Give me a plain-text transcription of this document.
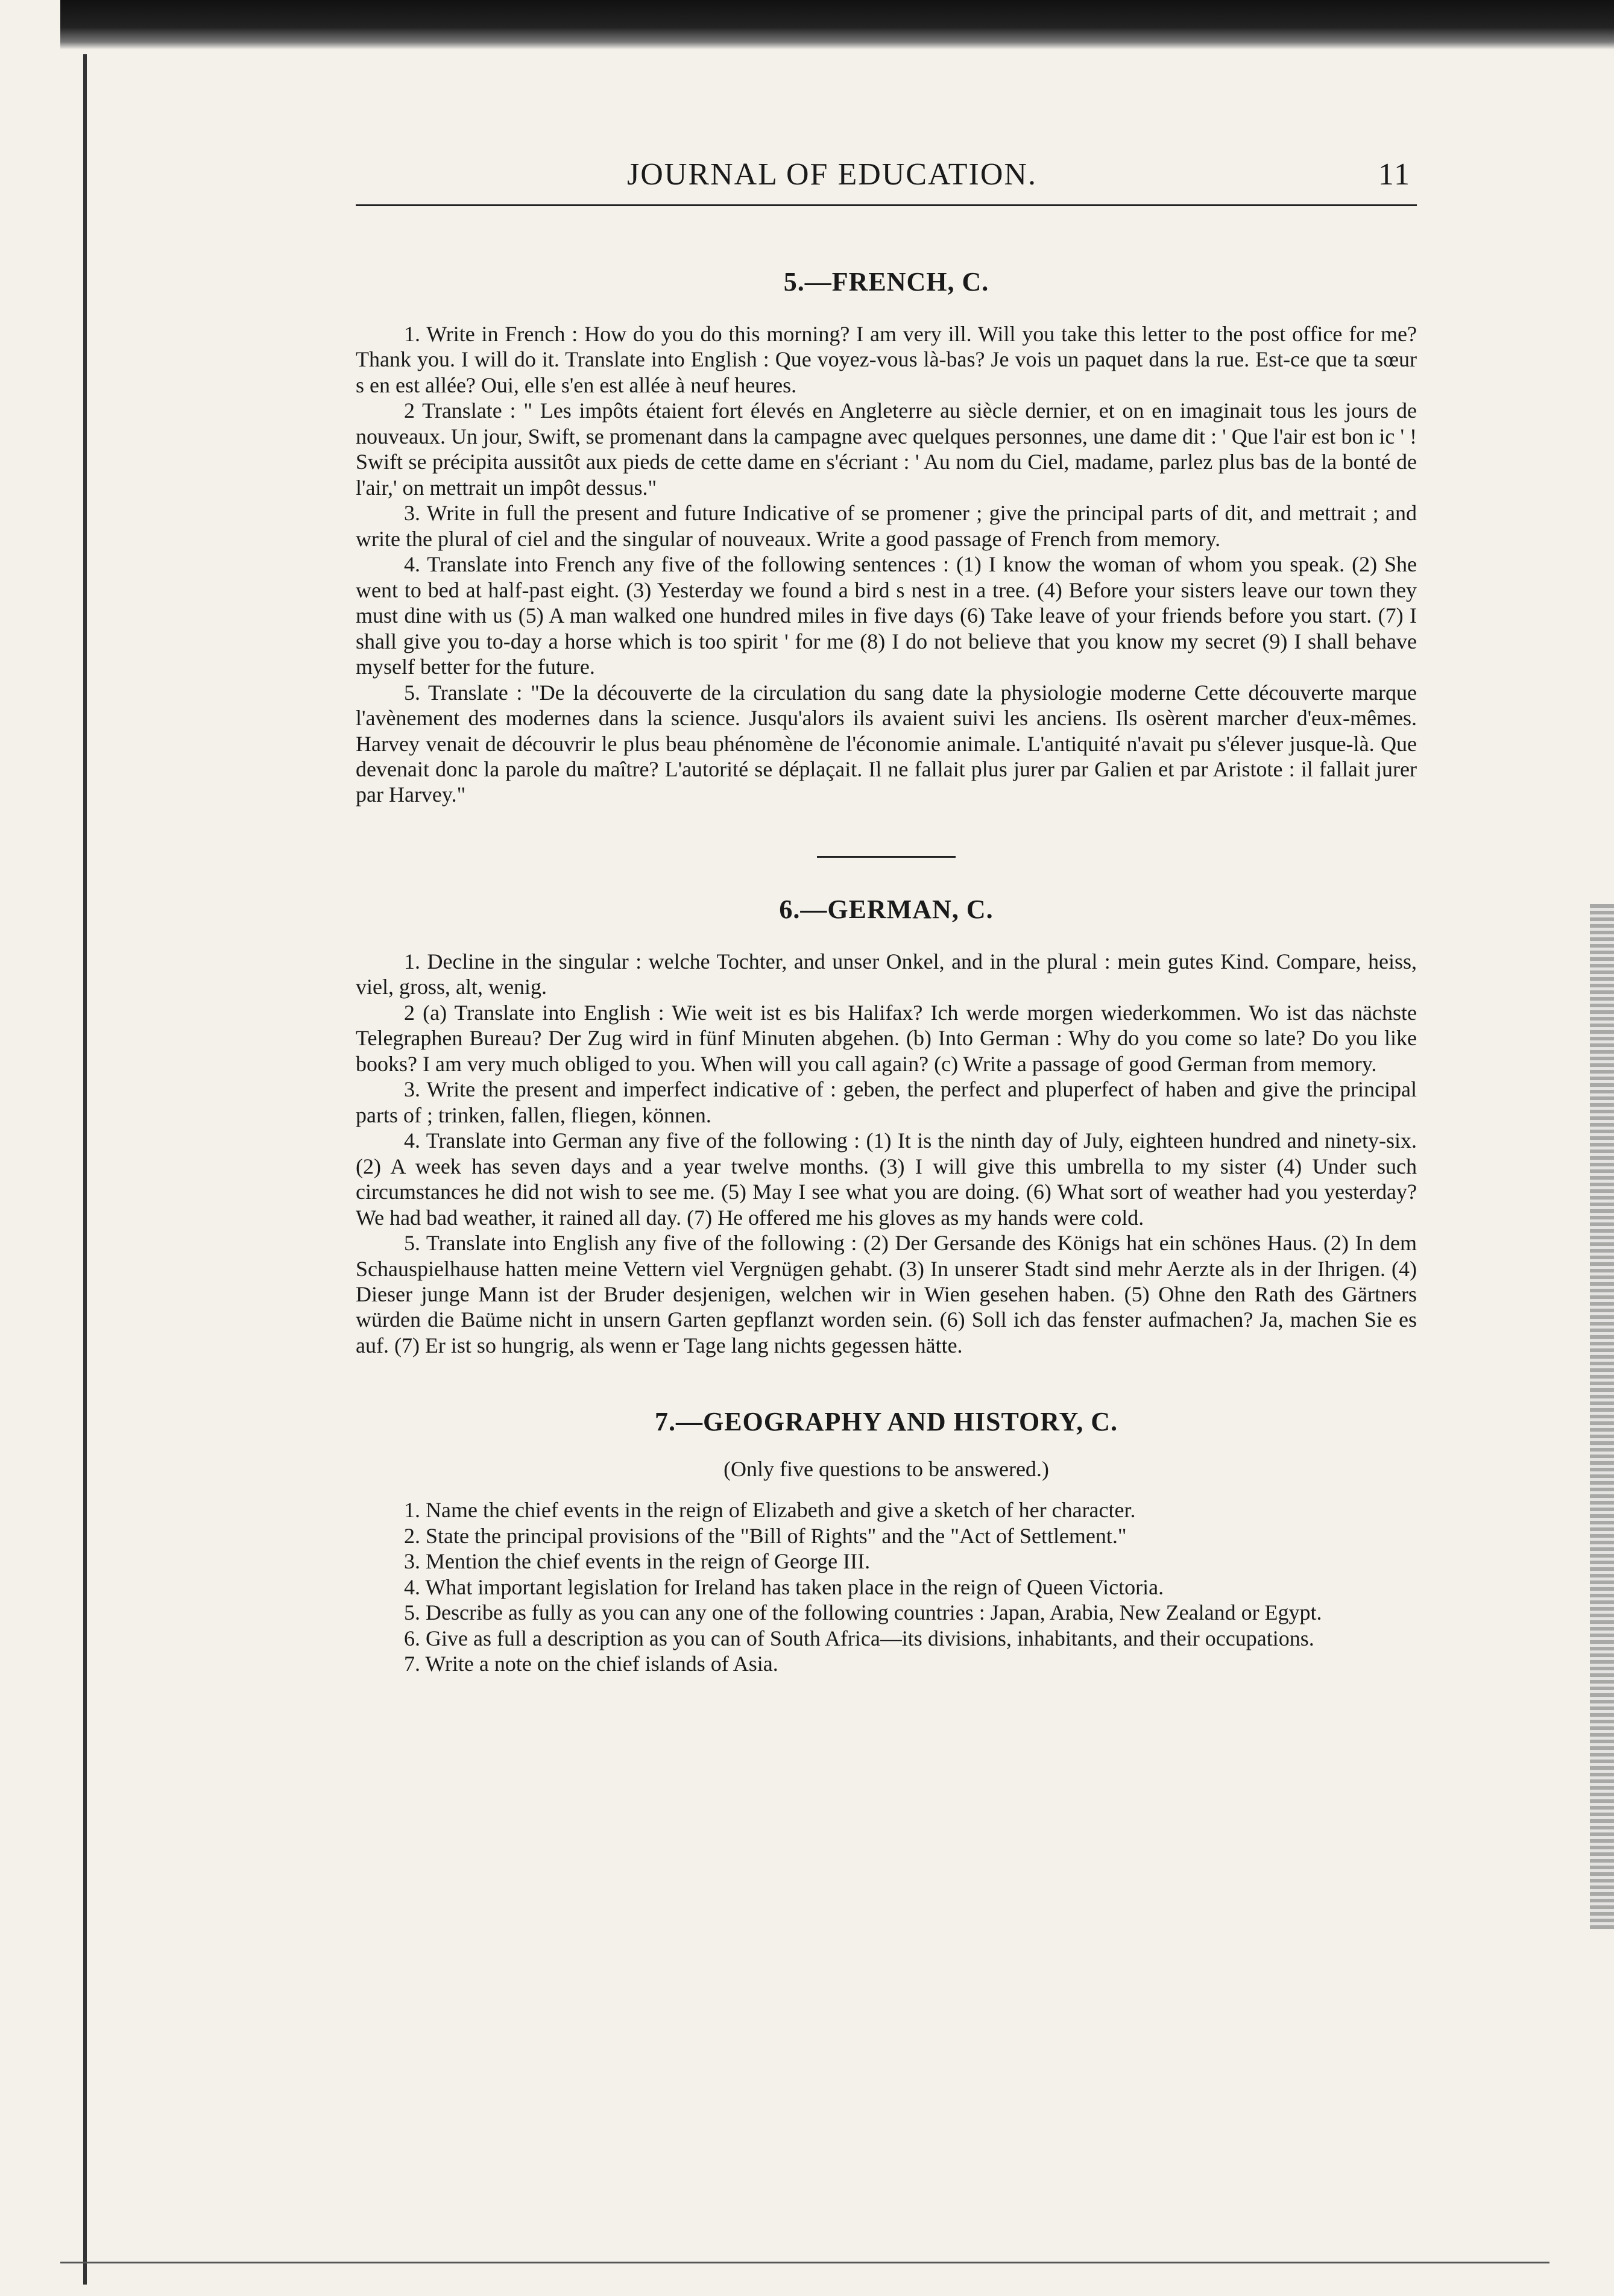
JOURNAL OF EDUCATION.	11
5.—FRENCH, C.

1. Write in French : How do you do this morning? I am very ill. Will you take this letter to the post office for me? Thank you. I will do it. Translate into English : Que voyez-vous là-bas? Je vois un paquet dans la rue. Est-ce que ta sœur s en est allée? Oui, elle s'en est allée à neuf heures.

2 Translate : " Les impôts étaient fort élevés en Angleterre au siècle dernier, et on en imaginait tous les jours de nouveaux. Un jour, Swift, se promenant dans la campagne avec quelques personnes, une dame dit : ' Que l'air est bon ic ' ! Swift se précipita aussitôt aux pieds de cette dame en s'écriant : ' Au nom du Ciel, madame, parlez plus bas de la bonté de l'air,' on mettrait un impôt dessus."

3. Write in full the present and future Indicative of se promener ; give the principal parts of dit, and mettrait ; and write the plural of ciel and the singular of nouveaux. Write a good passage of French from memory.

4. Translate into French any five of the following sentences : (1) I know the woman of whom you speak. (2) She went to bed at half-past eight. (3) Yesterday we found a bird s nest in a tree. (4) Before your sisters leave our town they must dine with us (5) A man walked one hundred miles in five days (6) Take leave of your friends before you start. (7) I shall give you to-day a horse which is too spirit ' for me (8) I do not believe that you know my secret (9) I shall behave myself better for the future.

5. Translate : "De la découverte de la circulation du sang date la physiologie moderne Cette découverte marque l'avènement des modernes dans la science. Jusqu'alors ils avaient suivi les anciens. Ils osèrent marcher d'eux-mêmes. Harvey venait de découvrir le plus beau phénomène de l'économie animale. L'antiquité n'avait pu s'élever jusque-là. Que devenait donc la parole du maître? L'autorité se déplaçait. Il ne fallait plus jurer par Galien et par Aristote : il fallait jurer par Harvey."

6.—GERMAN, C.

1. Decline in the singular : welche Tochter, and unser Onkel, and in the plural : mein gutes Kind. Compare, heiss, viel, gross, alt, wenig.

2 (a) Translate into English : Wie weit ist es bis Halifax? Ich werde morgen wiederkommen. Wo ist das nächste Telegraphen Bureau? Der Zug wird in fünf Minuten abgehen. (b) Into German : Why do you come so late? Do you like books? I am very much obliged to you. When will you call again? (c) Write a passage of good German from memory.

3. Write the present and imperfect indicative of : geben, the perfect and pluperfect of haben and give the principal parts of ; trinken, fallen, fliegen, können.

4. Translate into German any five of the following : (1) It is the ninth day of July, eighteen hundred and ninety-six. (2) A week has seven days and a year twelve months. (3) I will give this umbrella to my sister (4) Under such circumstances he did not wish to see me. (5) May I see what you are doing. (6) What sort of weather had you yesterday? We had bad weather, it rained all day. (7) He offered me his gloves as my hands were cold.

5. Translate into English any five of the following : (2) Der Gersande des Königs hat ein schönes Haus. (2) In dem Schauspielhause hatten meine Vettern viel Vergnügen gehabt. (3) In unserer Stadt sind mehr Aerzte als in der Ihrigen. (4) Dieser junge Mann ist der Bruder desjenigen, welchen wir in Wien gesehen haben. (5) Ohne den Rath des Gärtners würden die Baüme nicht in unsern Garten gepflanzt worden sein. (6) Soll ich das fenster aufmachen? Ja, machen Sie es auf. (7) Er ist so hungrig, als wenn er Tage lang nichts gegessen hätte.

7.—GEOGRAPHY AND HISTORY, C.
(Only five questions to be answered.)
1. Name the chief events in the reign of Elizabeth and give a sketch of her character.
2. State the principal provisions of the "Bill of Rights" and the "Act of Settlement."
3. Mention the chief events in the reign of George III.
4. What important legislation for Ireland has taken place in the reign of Queen Victoria.
5. Describe as fully as you can any one of the following countries : Japan, Arabia, New Zealand or Egypt.
6. Give as full a description as you can of South Africa—its divisions, inhabitants, and their occupations.
7. Write a note on the chief islands of Asia.
